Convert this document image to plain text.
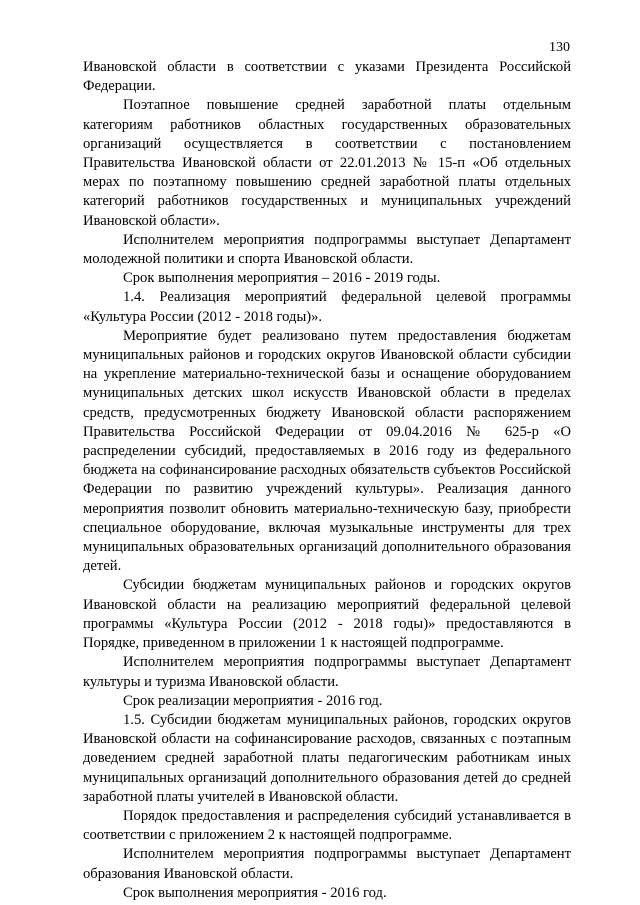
130

Ивановской области в соответствии с указами Президента Российской Федерации.

Поэтапное повышение средней заработной платы отдельным категориям работников областных государственных образовательных организаций осуществляется в соответствии с постановлением Правительства Ивановской области от 22.01.2013 № 15-п «Об отдельных мерах по поэтапному повышению средней заработной платы отдельных категорий работников государственных и муниципальных учреждений Ивановской области».

Исполнителем мероприятия подпрограммы выступает Департамент молодежной политики и спорта Ивановской области.

Срок выполнения мероприятия – 2016 - 2019 годы.

1.4. Реализация мероприятий федеральной целевой программы «Культура России (2012 - 2018 годы)».

Мероприятие будет реализовано путем предоставления бюджетам муниципальных районов и городских округов Ивановской области субсидии на укрепление материально-технической базы и оснащение оборудованием муниципальных детских школ искусств Ивановской области в пределах средств, предусмотренных бюджету Ивановской области распоряжением Правительства Российской Федерации от 09.04.2016 № 625-р «О распределении субсидий, предоставляемых в 2016 году из федерального бюджета на софинансирование расходных обязательств субъектов Российской Федерации по развитию учреждений культуры». Реализация данного мероприятия позволит обновить материально-техническую базу, приобрести специальное оборудование, включая музыкальные инструменты для трех муниципальных образовательных организаций дополнительного образования детей.

Субсидии бюджетам муниципальных районов и городских округов Ивановской области на реализацию мероприятий федеральной целевой программы «Культура России (2012 - 2018 годы)» предоставляются в Порядке, приведенном в приложении 1 к настоящей подпрограмме.

Исполнителем мероприятия подпрограммы выступает Департамент культуры и туризма Ивановской области.

Срок реализации мероприятия - 2016 год.

1.5. Субсидии бюджетам муниципальных районов, городских округов Ивановской области на софинансирование расходов, связанных с поэтапным доведением средней заработной платы педагогическим работникам иных муниципальных организаций дополнительного образования детей до средней заработной платы учителей в Ивановской области.

Порядок предоставления и распределения субсидий устанавливается в соответствии с приложением 2 к настоящей подпрограмме.

Исполнителем мероприятия подпрограммы выступает Департамент образования Ивановской области.

Срок выполнения мероприятия - 2016 год.
